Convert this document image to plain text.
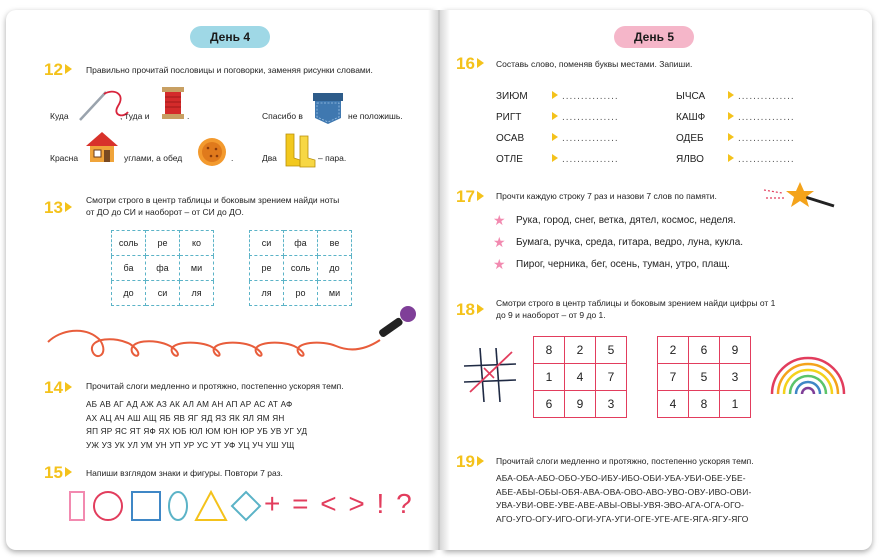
День 4
12	Правильно прочитай пословицы и поговорки, заменяя рисунки словами.
Куда	, туда и	.	Спасибо в	не положишь.
Красна	углами, а обед	.	Два	– пара.
13	Смотри строго в центр таблицы и боковым зрением найди ноты
от ДО до СИ и наоборот – от СИ до ДО.
соль	ре	ко
ба	фа	ми
до	си	ля
си	фа	ве
ре	соль	до
ля	ро	ми
14	Прочитай слоги медленно и протяжно, постепенно ускоряя темп.
АБ АВ АГ АД АЖ АЗ АК АЛ АМ АН АП АР АС АТ АФ
АХ АЦ АЧ АШ АЩ ЯБ ЯВ ЯГ ЯД ЯЗ ЯК ЯЛ ЯМ ЯН
ЯП ЯР ЯС ЯТ ЯФ ЯХ ЮБ ЮЛ ЮМ ЮН ЮР УБ УВ УГ УД
УЖ УЗ УК УЛ УМ УН УП УР УС УТ УФ УЦ УЧ УШ УЩ
15	Напиши взглядом знаки и фигуры. Повтори 7 раз.
+ = < > ! ?
День 5
16	Составь слово, поменяв буквы местами. Запиши.
ЗИЮМ	...............
РИГТ	...............
ОСАВ	...............
ОТЛЕ	...............
ЫЧСА	...............
КАШФ	...............
ОДЕБ	...............
ЯЛВО	...............
17	Прочти каждую строку 7 раз и назови 7 слов по памяти.
★ Рука, город, снег, ветка, дятел, космос, неделя.
★ Бумага, ручка, среда, гитара, ведро, луна, кукла.
★ Пирог, черника, бег, осень, туман, утро, плащ.
18	Смотри строго в центр таблицы и боковым зрением найди цифры от 1
до 9 и наоборот – от 9 до 1.
8	2	5
1	4	7
6	9	3
2	6	9
7	5	3
4	8	1
19	Прочитай слоги медленно и протяжно, постепенно ускоряя темп.
АБА-ОБА-АБО-ОБО-УБО-ИБУ-ИБО-ОБИ-УБА-УБИ-ОБЕ-УБЕ-
АБЕ-АБЫ-ОБЫ-ОБЯ-АВА-ОВА-ОВО-АВО-УВО-ОВУ-ИВО-ОВИ-
УВА-УВИ-ОВЕ-УВЕ-АВЕ-АВЫ-ОВЫ-УВЯ-ЭВО-АГА-ОГА-ОГО-
АГО-УГО-ОГУ-ИГО-ОГИ-УГА-УГИ-ОГЕ-УГЕ-АГЕ-ЯГА-ЯГУ-ЯГО
